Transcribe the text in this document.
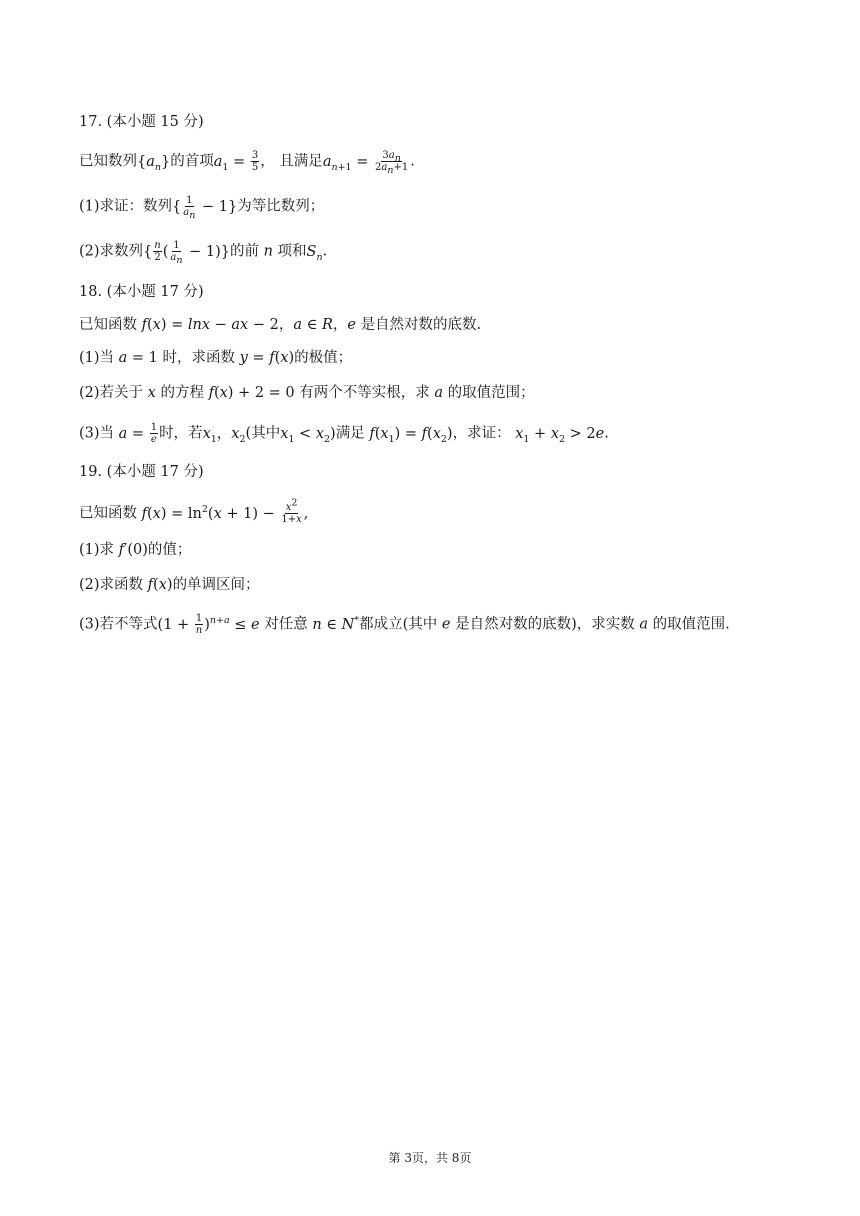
17. (本小题 15 分)
已知数列$\{a_n\}$的首项$a_1 = \frac{3}{5}$ ， 且满足$a_{n+1} = \frac{3a_n}{2a_n+1}$ .
(1)求证：数列{ $\frac{1}{a_n} - 1$}为等比数列；
(2)求数列{ $\frac{n}{2}$ ( $\frac{1}{a_n} - 1$)}的前 n 项和$S_n$.
18. (本小题 17 分)
已知函数 f(x) = lnx − ax − 2，a ∈ R，e 是自然对数的底数.
(1)当 a = 1 时，求函数 y = f(x)的极值；
(2)若关于 x 的方程 f(x) + 2 = 0 有两个不等实根，求 a 的取值范围；
(3)当 $a = \frac{1}{e}$ 时，若$x_1$，$x_2$(其中$x_1 < x_2$)满足 $f(x_1) = f(x_2)$，求证： $x_1 + x_2 > 2e$.
19. (本小题 17 分)
已知函数 $f(x) = \ln^2(x + 1) - \frac{x^2}{1+x}$ ,
(1)求 f′(0)的值；
(2)求函数 f(x)的单调区间；
(3)若不等式$(1 + \frac{1}{n} )^{n+a} \le e$ 对任意 n ∈ N*都成立(其中 e 是自然对数的底数)，求实数 a 的取值范围.
第 3页，共 8页
